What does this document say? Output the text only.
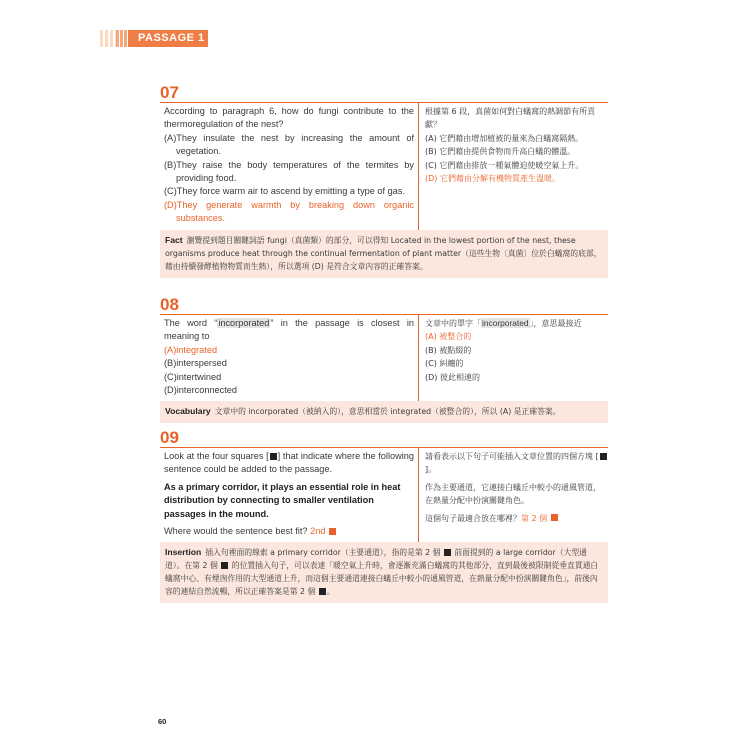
PASSAGE 1
07

According to paragraph 6, how do fungi contribute to the thermoregulation of the nest?

(A)They insulate the nest by increasing the amount of vegetation.

(B)They raise the body temperatures of the termites by providing food.

(C)They force warm air to ascend by emitting a type of gas.

(D)They generate warmth by breaking down organic substances.

根據第 6 段，真菌如何對白蟻窩的熱調節有所貢獻？

(A) 它們藉由增加植被的量來為白蟻窩隔熱。

(B) 它們藉由提供食物而升高白蟻的體溫。

(C) 它們藉由排放一種氣體迫使暖空氣上升。

(D) 它們藉由分解有機物質產生溫暖。

Fact 瀏覽提到題目關鍵詞語 fungi（真菌類）的部分，可以得知 Located in the lowest portion of the nest, these organisms produce heat through the continual fermentation of plant matter（這些生物〔真菌〕位於白蟻窩的底部，藉由持續發酵植物物質而生熱），所以選項 (D) 是符合文章內容的正確答案。
08

The word “incorporated” in the passage is closest in meaning to

(A)integrated

(B)interspersed

(C)intertwined

(D)interconnected

文章中的單字「incorporated」，意思最接近

(A) 被整合的

(B) 被點綴的

(C) 糾纏的

(D) 彼此相連的

Vocabulary 文章中的 incorporated（被納入的），意思相當於 integrated（被整合的），所以 (A) 是正確答案。
09

Look at the four squares [ ] that indicate where the following sentence could be added to the passage.

As a primary corridor, it plays an essential role in heat distribution by connecting to smaller ventilation passages in the mound.

Where would the sentence best fit? 2nd

請看表示以下句子可能插入文章位置的四個方塊 []。

作為主要通道，它連接白蟻丘中較小的通風管道，在熱量分配中扮演關鍵角色。

這個句子最適合放在哪裡？第 2 個

Insertion 插入句裡面的線索 a primary corridor（主要通道），指的是第 2 個 前面提到的 a large corridor（大型通道）。在第 2 個 的位置插入句子，可以表達「暖空氣上升時，會逐漸充滿白蟻窩的其他部分，直到最後被限制從垂直貫通白蟻窩中心、有煙囪作用的大型通道上升，而這個主要通道連接白蟻丘中較小的通風管道，在熱量分配中扮演關鍵角色」，前後內容的連結自然流暢，所以正確答案是第 2 個 。
60
